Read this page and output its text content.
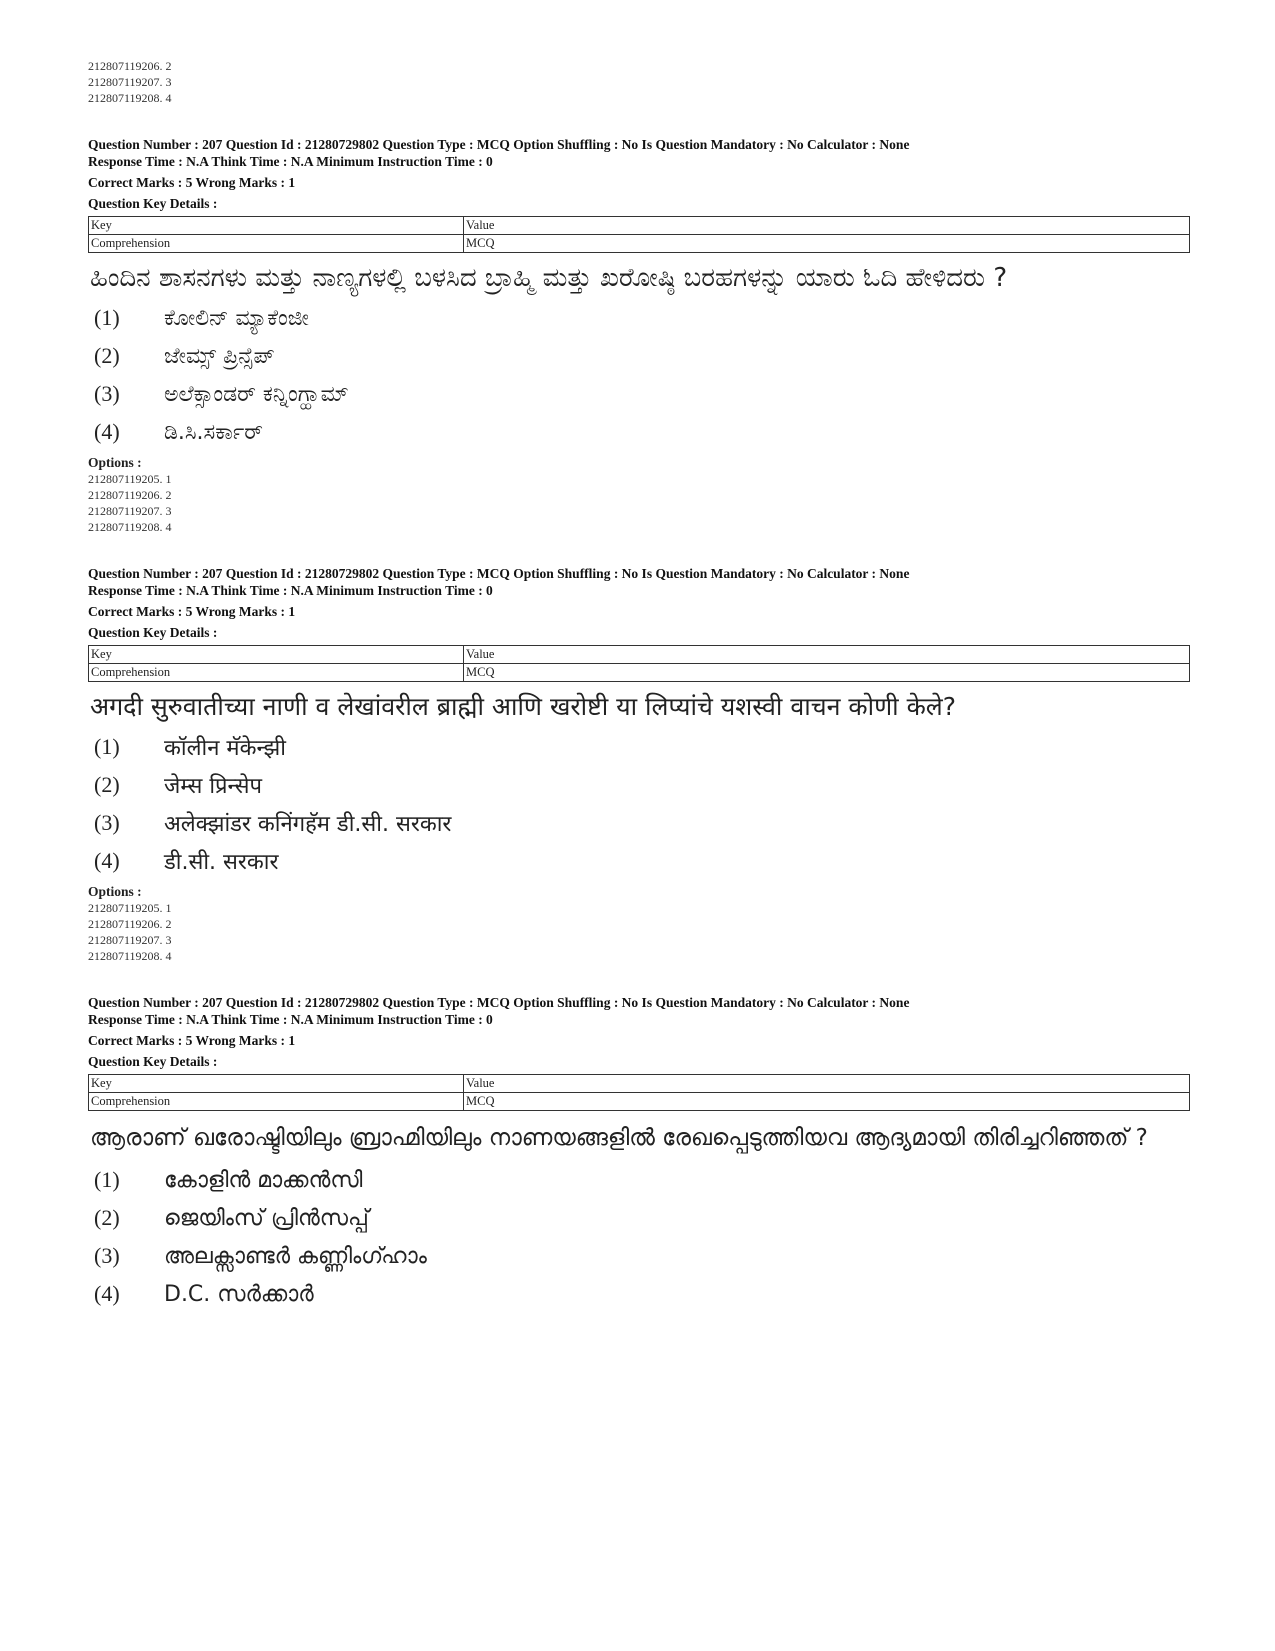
212807119206. 2
212807119207. 3
212807119208. 4
Question Number : 207 Question Id : 21280729802 Question Type : MCQ Option Shuffling : No Is Question Mandatory : No Calculator : None
Response Time : N.A Think Time : N.A Minimum Instruction Time : 0
Correct Marks : 5 Wrong Marks : 1
Question Key Details :
Key	Value
Comprehension	MCQ
ಹಿಂದಿನ ಶಾಸನಗಳು ಮತ್ತು ನಾಣ್ಯಗಳಲ್ಲಿ ಬಳಸಿದ ಬ್ರಾಹ್ಮಿ ಮತ್ತು ಖರೋಷ್ಠಿ ಬರಹಗಳನ್ನು ಯಾರು ಓದಿ ಹೇಳಿದರು ?
(1)	ಕೋಲಿನ್ ಮ್ಯಾಕೆಂಜೀ
(2)	ಜೇಮ್ಸ್ ಪ್ರಿನ್ಸೆಪ್
(3)	ಅಲೆಕ್ಸಾಂಡರ್ ಕನ್ನಿಂಗ್ಹಾಮ್
(4)	ಡಿ.ಸಿ.ಸರ್ಕಾರ್
Options :
212807119205. 1
212807119206. 2
212807119207. 3
212807119208. 4
Question Number : 207 Question Id : 21280729802 Question Type : MCQ Option Shuffling : No Is Question Mandatory : No Calculator : None
Response Time : N.A Think Time : N.A Minimum Instruction Time : 0
Correct Marks : 5 Wrong Marks : 1
Question Key Details :
Key	Value
Comprehension	MCQ
अगदी सुरुवातीच्या नाणी व लेखांवरील ब्राह्मी आणि खरोष्टी या लिप्यांचे यशस्वी वाचन कोणी केले?
(1)	कॉलीन मॅकेन्झी
(2)	जेम्स प्रिन्सेप
(3)	अलेक्झांडर कनिंगहॅम डी.सी. सरकार
(4)	डी.सी. सरकार
Options :
212807119205. 1
212807119206. 2
212807119207. 3
212807119208. 4
Question Number : 207 Question Id : 21280729802 Question Type : MCQ Option Shuffling : No Is Question Mandatory : No Calculator : None
Response Time : N.A Think Time : N.A Minimum Instruction Time : 0
Correct Marks : 5 Wrong Marks : 1
Question Key Details :
Key	Value
Comprehension	MCQ
ആരാണ് ഖരോഷ്ടിയിലും ബ്രാഹ്മിയിലും നാണയങ്ങളിൽ രേഖപ്പെടുത്തിയവ ആദ്യമായി തിരിച്ചറിഞ്ഞത് ?
(1)	കോളിൻ മാക്കൻസി
(2)	ജെയിംസ് പ്രിൻസപ്പ്
(3)	അലക്സാണ്ടർ കണ്ണിംഗ്ഹാം
(4)	D.C. സർക്കാർ
